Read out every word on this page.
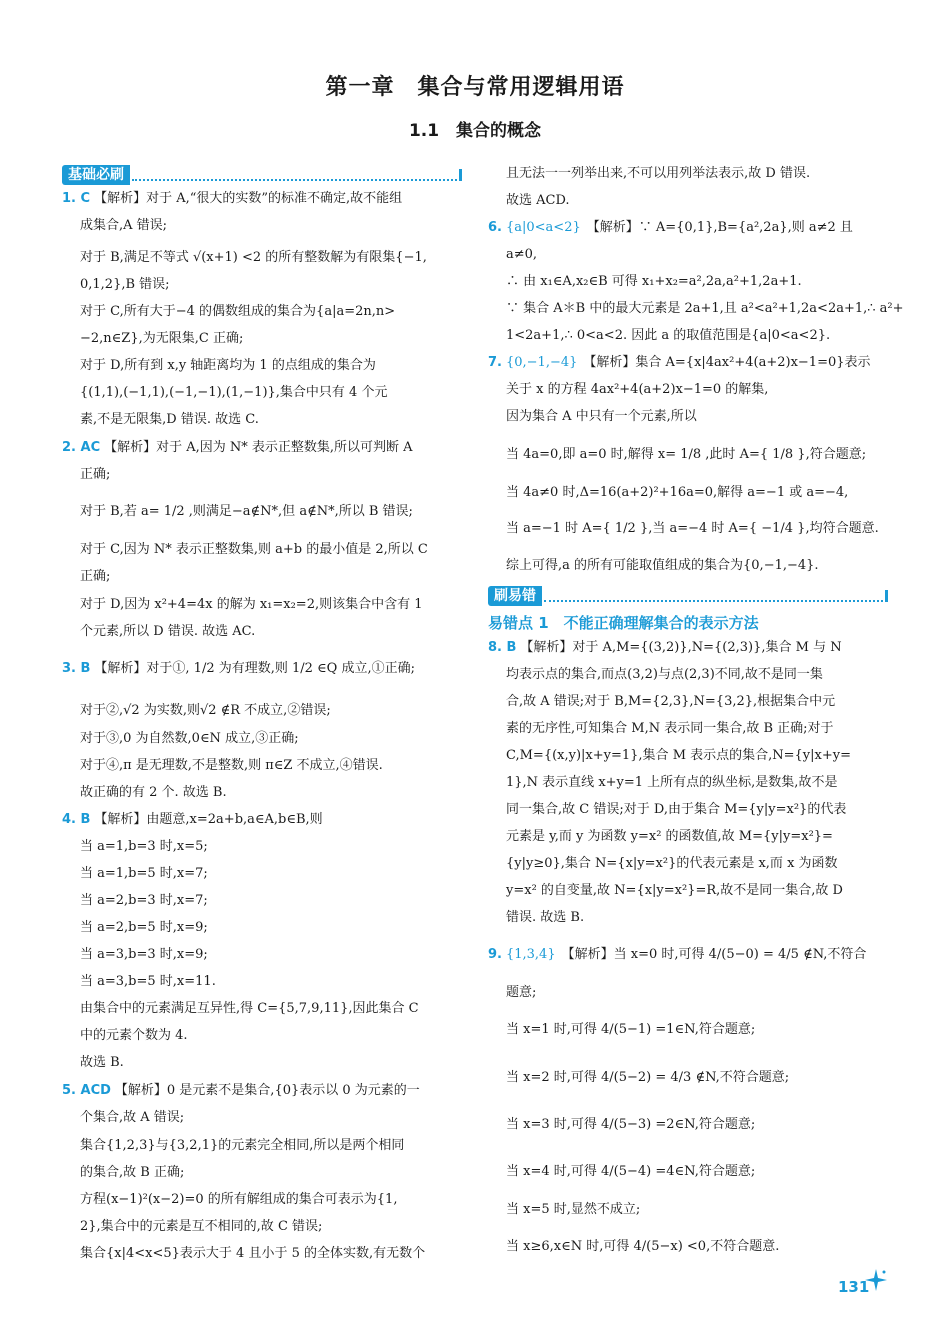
第一章　集合与常用逻辑用语
1.1　集合的概念
基础必刷
1. C 【解析】对于 A,“很大的实数”的标准不确定,故不能组
成集合,A 错误;
对于 B,满足不等式 √(x+1) <2 的所有整数解为有限集{−1,
0,1,2},B 错误;
对于 C,所有大于−4 的偶数组成的集合为{a|a=2n,n>
−2,n∈Z},为无限集,C 正确;
对于 D,所有到 x,y 轴距离均为 1 的点组成的集合为
{(1,1),(−1,1),(−1,−1),(1,−1)},集合中只有 4 个元
素,不是无限集,D 错误. 故选 C.
2. AC 【解析】对于 A,因为 N* 表示正整数集,所以可判断 A
正确;
对于 B,若 a= 1/2 ,则满足−a∉N*,但 a∉N*,所以 B 错误;
对于 C,因为 N* 表示正整数集,则 a+b 的最小值是 2,所以 C
正确;
对于 D,因为 x²+4=4x 的解为 x₁=x₂=2,则该集合中含有 1
个元素,所以 D 错误. 故选 AC.
3. B 【解析】对于①, 1/2 为有理数,则 1/2 ∈Q 成立,①正确;
对于②,√2 为实数,则√2 ∉R 不成立,②错误;
对于③,0 为自然数,0∈N 成立,③正确;
对于④,π 是无理数,不是整数,则 π∈Z 不成立,④错误.
故正确的有 2 个. 故选 B.
4. B 【解析】由题意,x=2a+b,a∈A,b∈B,则
当 a=1,b=3 时,x=5;
当 a=1,b=5 时,x=7;
当 a=2,b=3 时,x=7;
当 a=2,b=5 时,x=9;
当 a=3,b=3 时,x=9;
当 a=3,b=5 时,x=11.
由集合中的元素满足互异性,得 C={5,7,9,11},因此集合 C
中的元素个数为 4.
故选 B.
5. ACD 【解析】0 是元素不是集合,{0}表示以 0 为元素的一
个集合,故 A 错误;
集合{1,2,3}与{3,2,1}的元素完全相同,所以是两个相同
的集合,故 B 正确;
方程(x−1)²(x−2)=0 的所有解组成的集合可表示为{1,
2},集合中的元素是互不相同的,故 C 错误;
集合{x|4<x<5}表示大于 4 且小于 5 的全体实数,有无数个
且无法一一列举出来,不可以用列举法表示,故 D 错误.
故选 ACD.
6. {a|0<a<2} 【解析】∵ A={0,1},B={a²,2a},则 a≠2 且
a≠0,
∴ 由 x₁∈A,x₂∈B 可得 x₁+x₂=a²,2a,a²+1,2a+1.
∵ 集合 A＊B 中的最大元素是 2a+1,且 a²<a²+1,2a<2a+1,∴ a²+
1<2a+1,∴ 0<a<2. 因此 a 的取值范围是{a|0<a<2}.
7. {0,−1,−4} 【解析】集合 A={x|4ax²+4(a+2)x−1=0}表示
关于 x 的方程 4ax²+4(a+2)x−1=0 的解集,
因为集合 A 中只有一个元素,所以
当 4a=0,即 a=0 时,解得 x= 1/8 ,此时 A={ 1/8 },符合题意;
当 4a≠0 时,Δ=16(a+2)²+16a=0,解得 a=−1 或 a=−4,
当 a=−1 时 A={ 1/2 },当 a=−4 时 A={ −1/4 },均符合题意.
综上可得,a 的所有可能取值组成的集合为{0,−1,−4}.
刷易错
易错点 1　不能正确理解集合的表示方法
8. B 【解析】对于 A,M={(3,2)},N={(2,3)},集合 M 与 N
均表示点的集合,而点(3,2)与点(2,3)不同,故不是同一集
合,故 A 错误;对于 B,M={2,3},N={3,2},根据集合中元
素的无序性,可知集合 M,N 表示同一集合,故 B 正确;对于
C,M={(x,y)|x+y=1},集合 M 表示点的集合,N={y|x+y=
1},N 表示直线 x+y=1 上所有点的纵坐标,是数集,故不是
同一集合,故 C 错误;对于 D,由于集合 M={y|y=x²}的代表
元素是 y,而 y 为函数 y=x² 的函数值,故 M={y|y=x²}=
{y|y≥0},集合 N={x|y=x²}的代表元素是 x,而 x 为函数
y=x² 的自变量,故 N={x|y=x²}=R,故不是同一集合,故 D
错误. 故选 B.
9. {1,3,4} 【解析】当 x=0 时,可得 4/(5−0) = 4/5 ∉N,不符合
题意;
当 x=1 时,可得 4/(5−1) =1∈N,符合题意;
当 x=2 时,可得 4/(5−2) = 4/3 ∉N,不符合题意;
当 x=3 时,可得 4/(5−3) =2∈N,符合题意;
当 x=4 时,可得 4/(5−4) =4∈N,符合题意;
当 x=5 时,显然不成立;
当 x≥6,x∈N 时,可得 4/(5−x) <0,不符合题意.
131
